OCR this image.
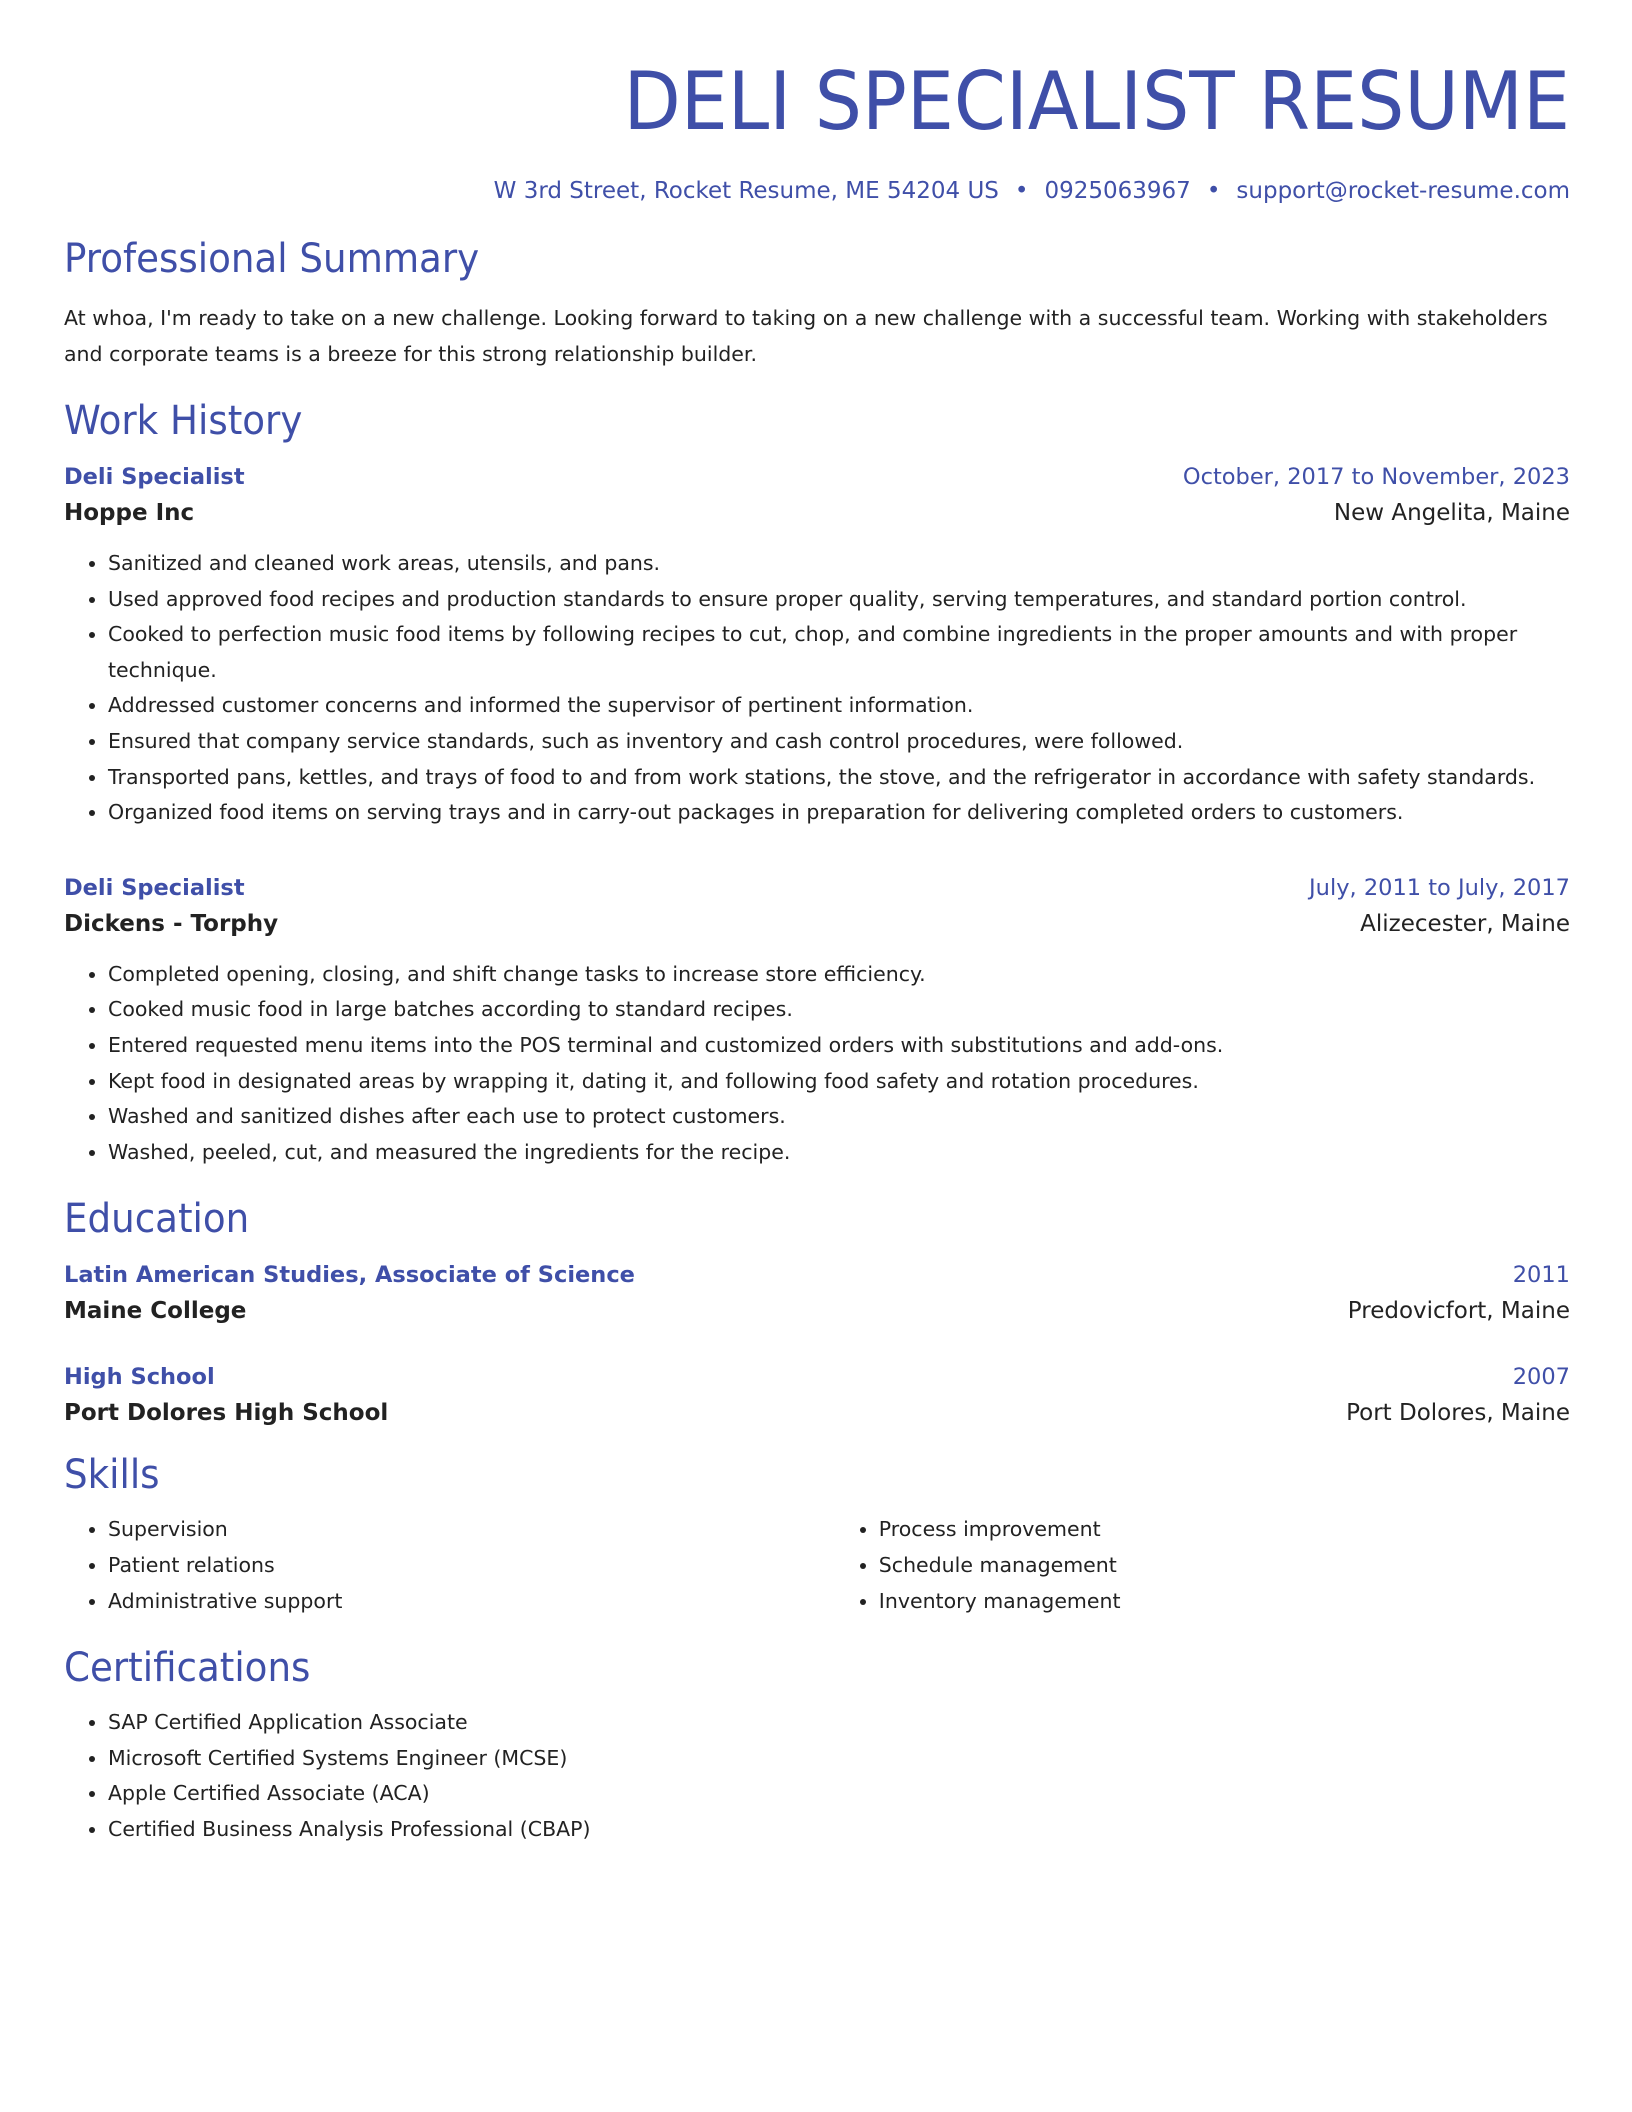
DELI SPECIALIST RESUME
W 3rd Street, Rocket Resume, ME 54204 US • 0925063967 • support@rocket-resume.com
Professional Summary
At whoa, I'm ready to take on a new challenge. Looking forward to taking on a new challenge with a successful team. Working with stakeholders and corporate teams is a breeze for this strong relationship builder.
Work History
Deli Specialist	October, 2017 to November, 2023
Hoppe Inc	New Angelita, Maine
• Sanitized and cleaned work areas, utensils, and pans.
• Used approved food recipes and production standards to ensure proper quality, serving temperatures, and standard portion control.
• Cooked to perfection music food items by following recipes to cut, chop, and combine ingredients in the proper amounts and with proper technique.
• Addressed customer concerns and informed the supervisor of pertinent information.
• Ensured that company service standards, such as inventory and cash control procedures, were followed.
• Transported pans, kettles, and trays of food to and from work stations, the stove, and the refrigerator in accordance with safety standards.
• Organized food items on serving trays and in carry-out packages in preparation for delivering completed orders to customers.
Deli Specialist	July, 2011 to July, 2017
Dickens - Torphy	Alizecester, Maine
• Completed opening, closing, and shift change tasks to increase store efficiency.
• Cooked music food in large batches according to standard recipes.
• Entered requested menu items into the POS terminal and customized orders with substitutions and add-ons.
• Kept food in designated areas by wrapping it, dating it, and following food safety and rotation procedures.
• Washed and sanitized dishes after each use to protect customers.
• Washed, peeled, cut, and measured the ingredients for the recipe.
Education
Latin American Studies, Associate of Science	2011
Maine College	Predovicfort, Maine
High School	2007
Port Dolores High School	Port Dolores, Maine
Skills
• Supervision
• Patient relations
• Administrative support
• Process improvement
• Schedule management
• Inventory management
Certifications
• SAP Certified Application Associate
• Microsoft Certified Systems Engineer (MCSE)
• Apple Certified Associate (ACA)
• Certified Business Analysis Professional (CBAP)
